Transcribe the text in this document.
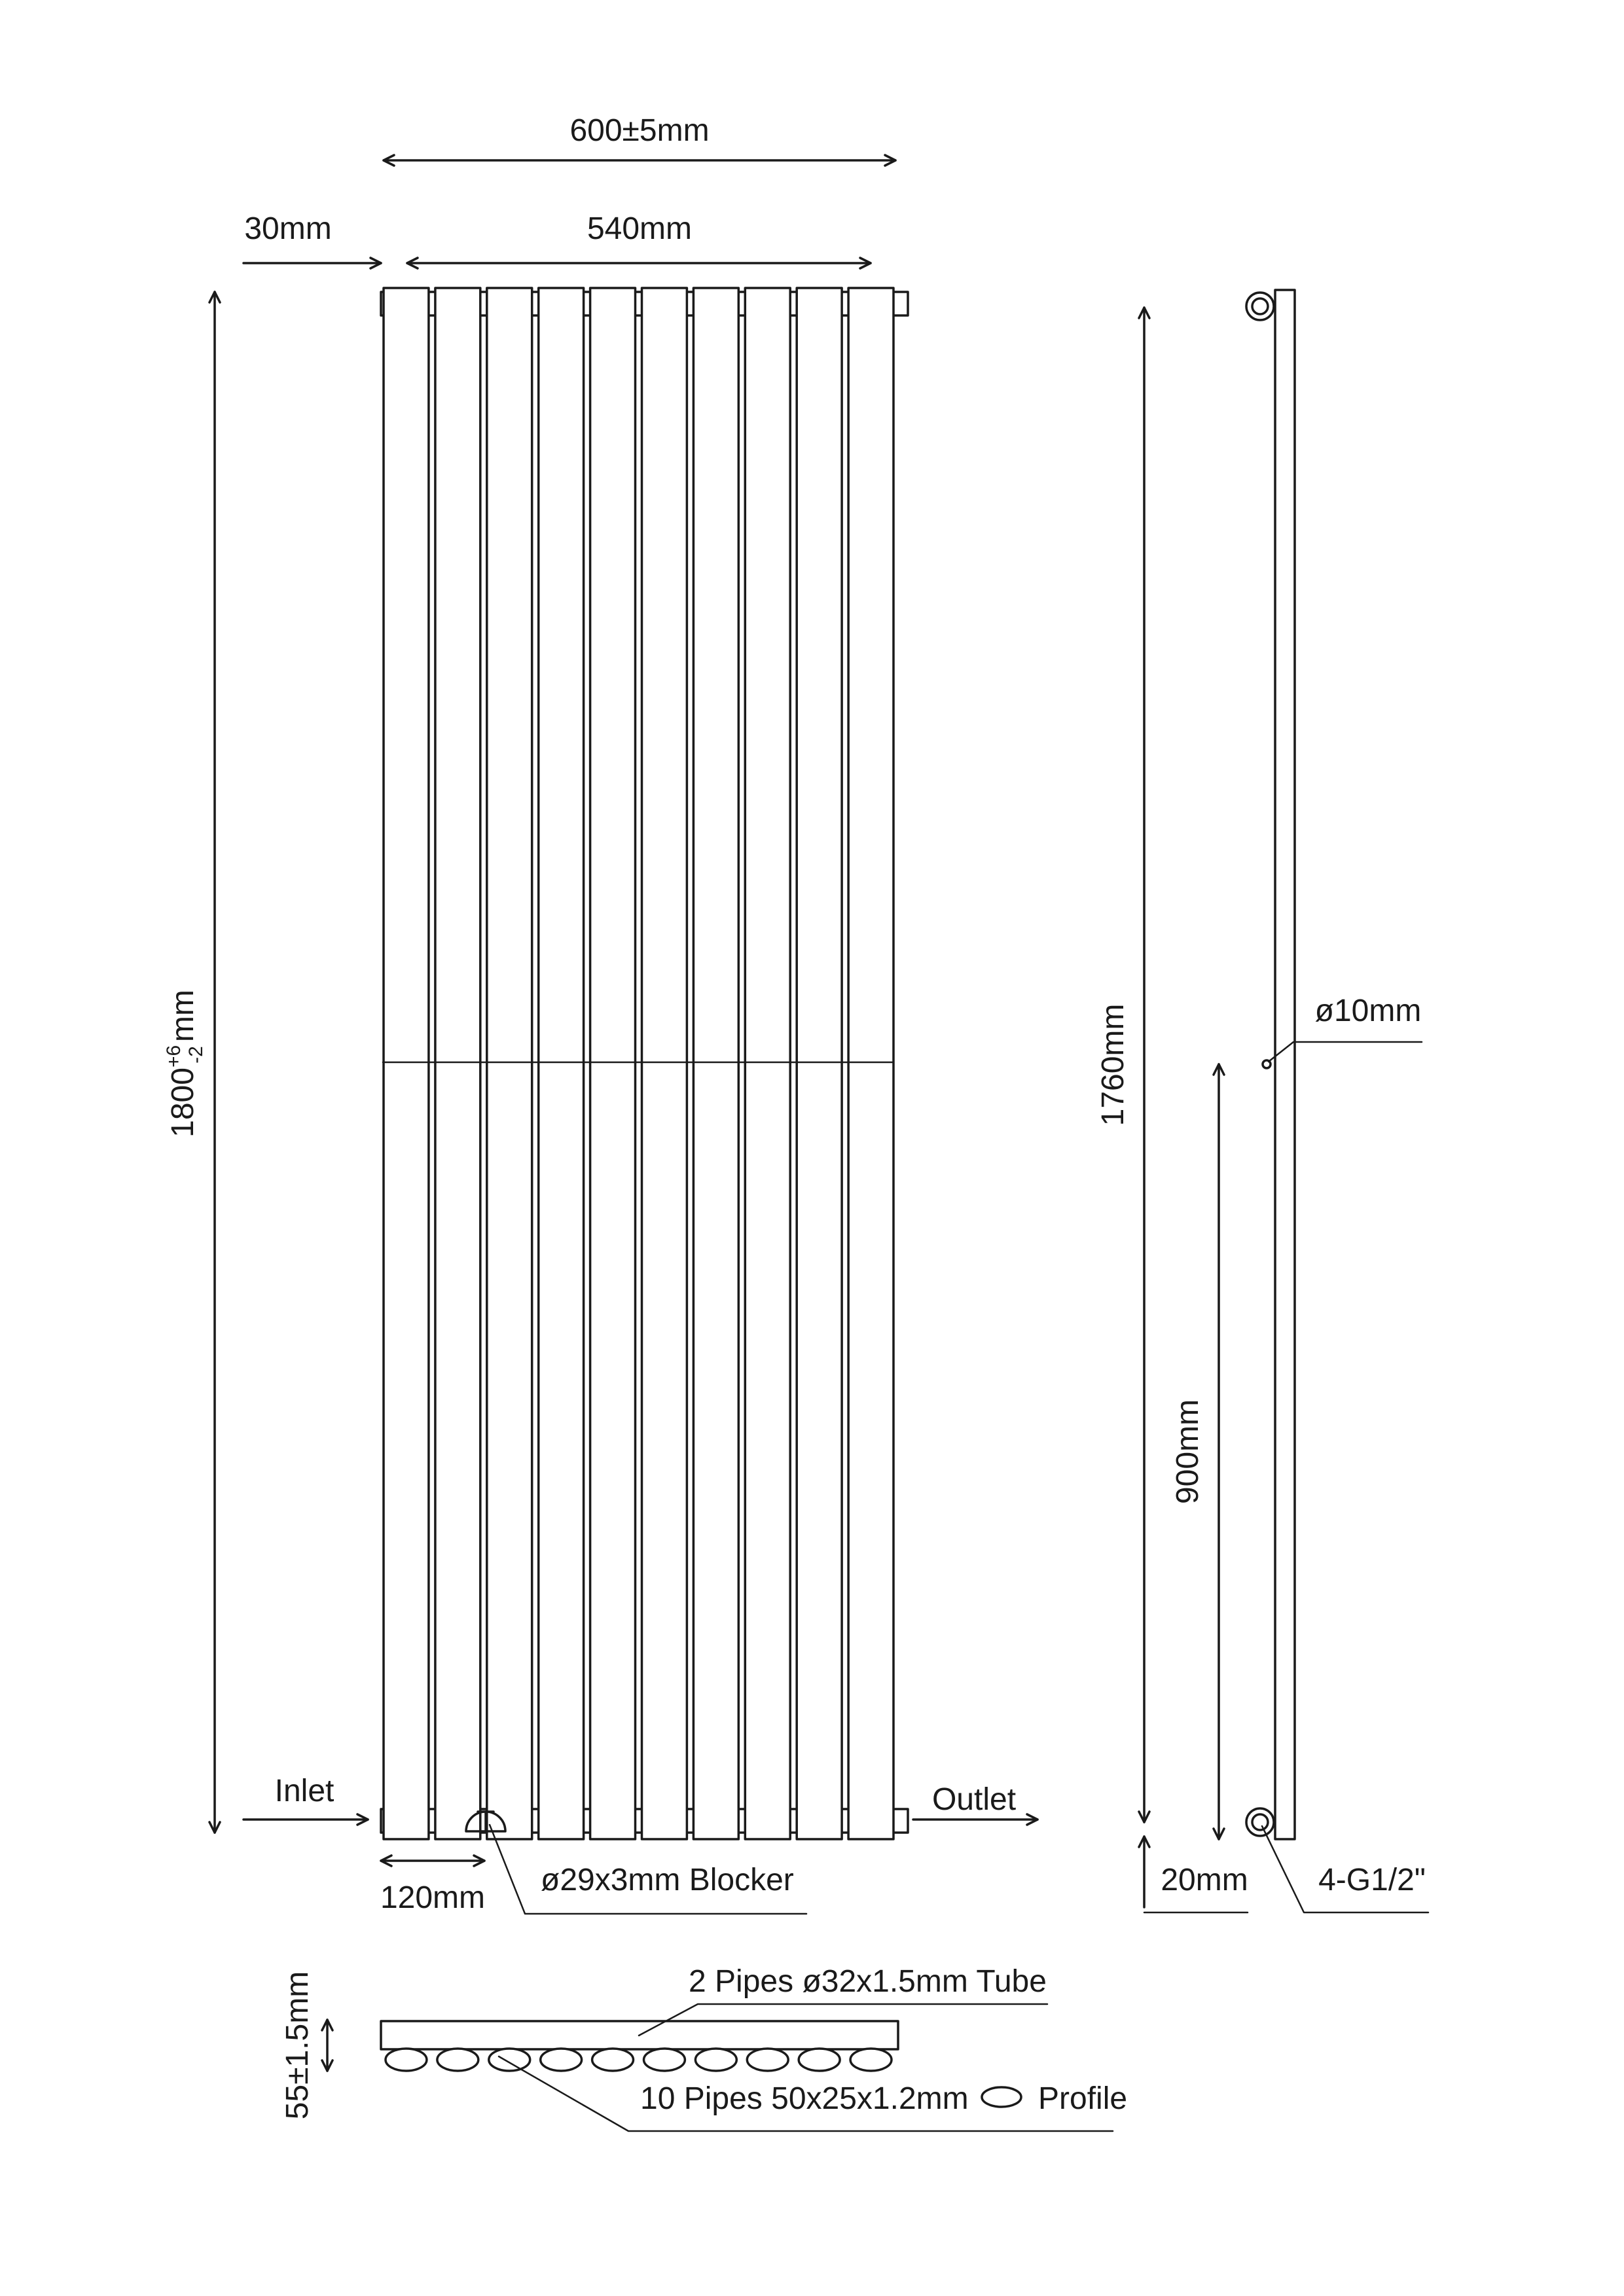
600±5mm
30mm	540mm
$1800^{+6}-2mm$
Inlet	Outlet
120mm
ø29x3mm Blocker
1760mm
900mm
ø10mm
20mm 4-G1/2"
55±1.5mm	2 Pipes ø32x1.5mm Tube
10 Pipes 50x25x1.2mm Profile
